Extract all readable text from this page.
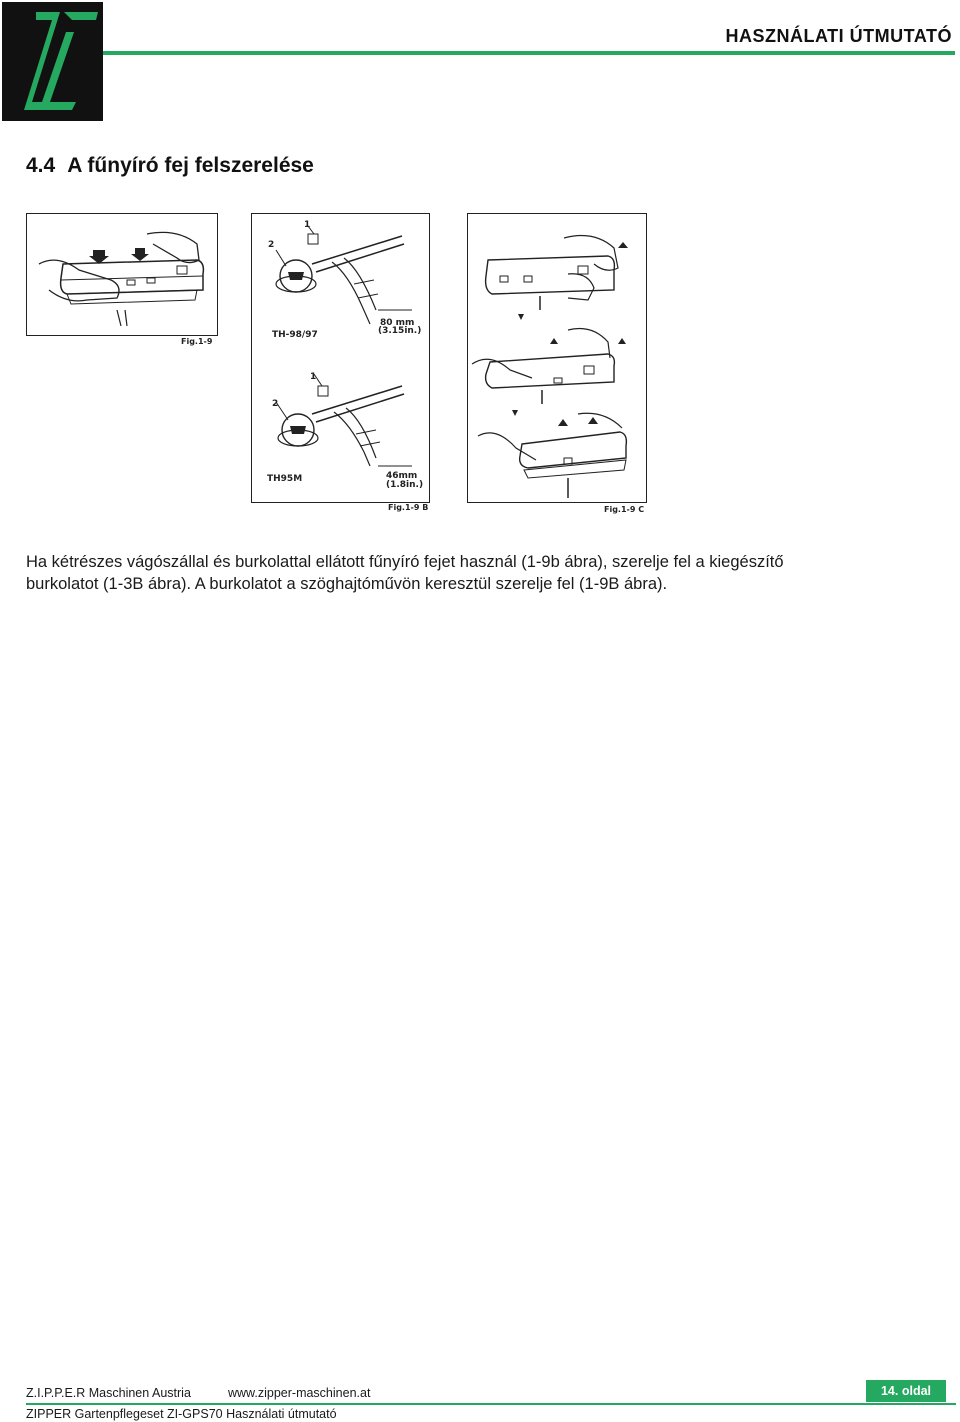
HASZNÁLATI ÚTMUTATÓ
4.4 A fűnyíró fej felszerelése
Fig.1-9
2
1
TH-98/97
80 mm
(3.15in.)
2
1
TH95M	46mm
(1.8in.)
Fig.1-9 B	Fig.1-9 C
Ha kétrészes vágószállal és burkolattal ellátott fűnyíró fejet használ (1-9b ábra), szerelje fel a kiegészítő
burkolatot (1-3B ábra). A burkolatot a szöghajtóművön keresztül szerelje fel (1-9B ábra).
Z.I.P.P.E.R Maschinen Austria	www.zipper-maschinen.at	14. oldal
ZIPPER Gartenpflegeset ZI-GPS70 Használati útmutató
